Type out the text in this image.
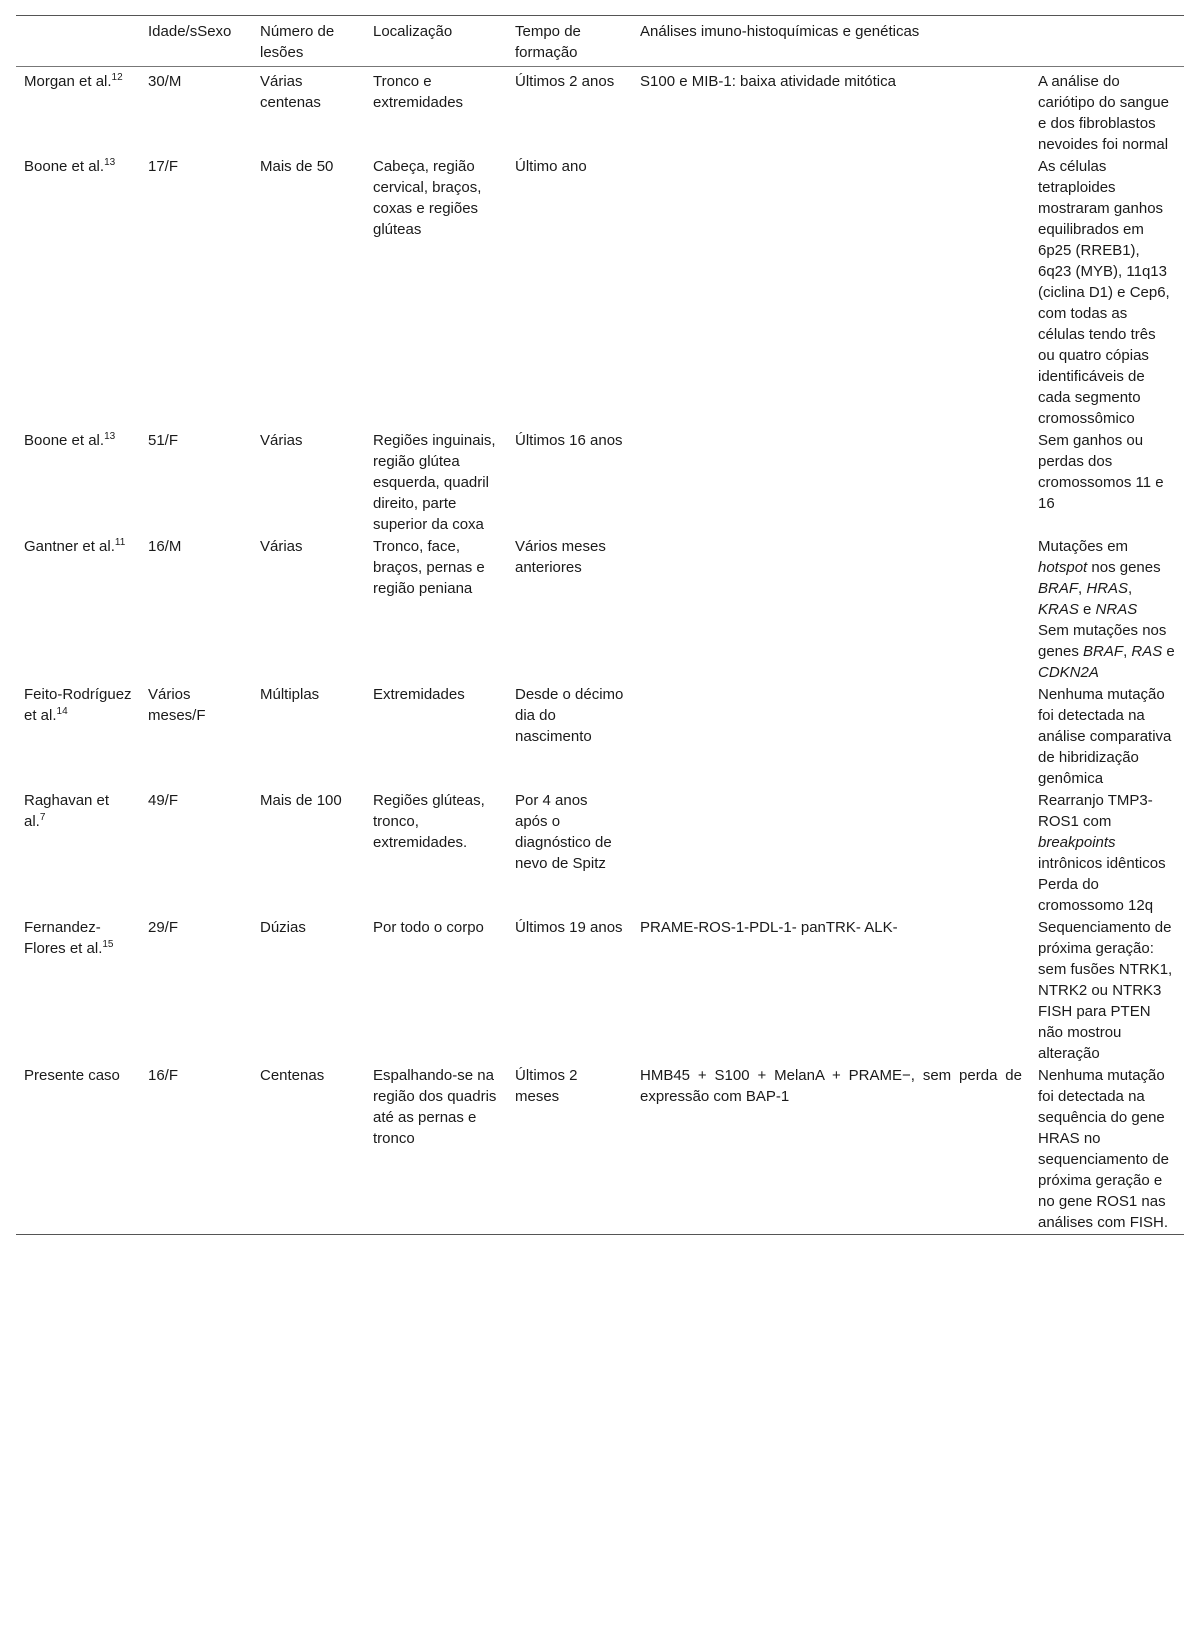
	Idade/sSexo	Número de lesões	Localização	Tempo de formação	Análises imuno-histoquímicas e genéticas	
Morgan et al.$^{12}$	30/M	Várias centenas	Tronco e extremidades	Últimos 2 anos	S100 e MIB-1: baixa atividade mitótica	A análise do cariótipo do sangue e dos fibroblastos nevoides foi normal

Boone et al.$^{13}$	17/F	Mais de 50	Cabeça, região cervical, braços, coxas e regiões glúteas	Último ano		As células tetraploides mostraram ganhos equilibrados em 6p25 (RREB1), 6q23 (MYB), 11q13 (ciclina D1) e Cep6, com todas as células tendo três ou quatro cópias identificáveis de cada segmento cromossômico

Boone et al.$^{13}$	51/F	Várias	Regiões inguinais, região glútea esquerda, quadril direito, parte superior da coxa	Últimos 16 anos		Sem ganhos ou perdas dos cromossomos 11 e 16

Gantner et al.$^{11}$	16/M	Várias	Tronco, face, braços, pernas e região peniana	Vários meses anteriores		Mutações em hotspot nos genes BRAF, HRAS, KRAS e NRAS
Sem mutações nos genes BRAF, RAS e CDKN2A

Feito-Rodríguez et al.$^{14}$	Vários meses/F	Múltiplas	Extremidades	Desde o décimo dia do nascimento		Nenhuma mutação foi detectada na análise comparativa de hibridização genômica

Raghavan et al.$^7$	49/F	Mais de 100	Regiões glúteas, tronco, extremidades.	Por 4 anos após o diagnóstico de nevo de Spitz		Rearranjo TMP3-ROS1 com breakpoints intrônicos idênticos
Perda do cromossomo 12q

Fernandez-Flores et al.$^{15}$	29/F	Dúzias	Por todo o corpo	Últimos 19 anos	PRAME-ROS-1-PDL-1- panTRK- ALK-	Sequenciamento de próxima geração: sem fusões NTRK1, NTRK2 ou NTRK3
FISH para PTEN não mostrou alteração

Presente caso	16/F	Centenas	Espalhando-se na região dos quadris até as pernas e tronco	Últimos 2 meses	HMB45 + S100 + MelanA + PRAME−, sem perda de expressão com BAP-1	Nenhuma mutação foi detectada na sequência do gene HRAS no sequenciamento de próxima geração e no gene ROS1 nas análises com FISH.
